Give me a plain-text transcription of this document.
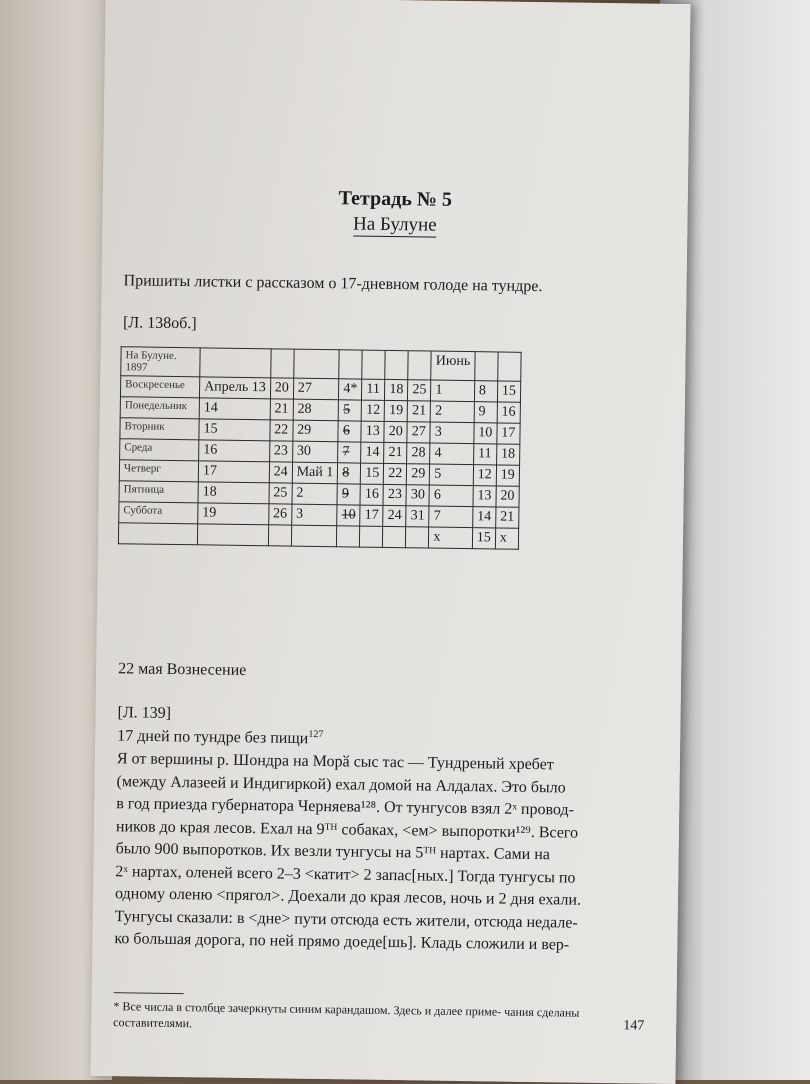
Тетрадь № 5
На Булуне
Пришиты листки с рассказом о 17-дневном голоде на тундре.
[Л. 138об.]
На Булуне. 1897								Июнь		
Воскресенье	Апрель 13	20	27	4*	11	18	25	1	8	15
Понедельник	14	21	28	5	12	19	21	2	9	16
Вторник	15	22	29	6	13	20	27	3	10	17
Среда	16	23	30	7	14	21	28	4	11	18
Четверг	17	24	Май 1	8	15	22	29	5	12	19
Пятница	18	25	2	9	16	23	30	6	13	20
Суббота	19	26	3	10	17	24	31	7	14	21
								x	15	x
22 мая Вознесение
[Л. 139]
17 дней по тундре без пищи$^{127}$

Я от вершины р. Шондра на Морӑ сыс тас — Тундреный хребет

(между Алазеей и Индигиркой) ехал домой на Алдалах. Это было

в год приезда губернатора Черняева¹²⁸. От тунгусов взял 2ˣ провод-

ников до края лесов. Ехал на 9ᵀᴴ собаках, <ем> выпоротки¹²⁹. Всего

было 900 выпоротков. Их везли тунгусы на 5ᵀᴴ нартах. Сами на

2ˣ нартах, оленей всего 2–3 <катит> 2 запас[ных.] Тогда тунгусы по

одному оленю <прягол>. Доехали до края лесов, ночь и 2 дня ехали.

Тунгусы сказали: в <дне> пути отсюда есть жители, отсюда недале-

ко большая дорога, по ней прямо доеде[шь]. Кладь сложили и вер-

* Все числа в столбце зачеркнуты синим карандашом. Здесь и далее приме- чания сделаны составителями.	147
